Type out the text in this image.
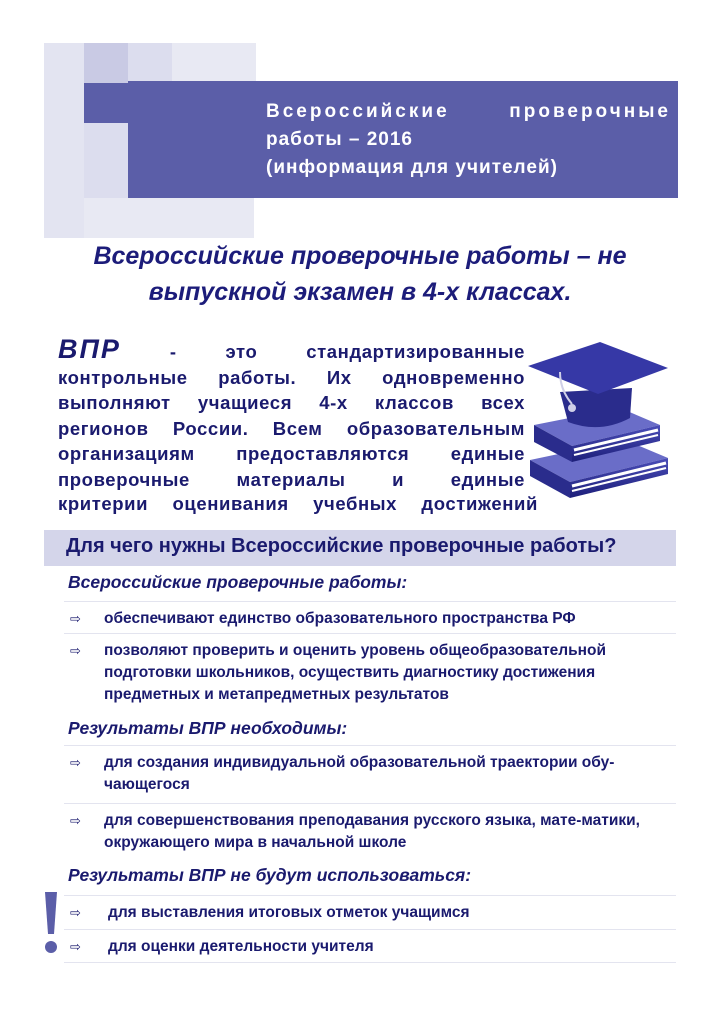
Всероссийские	проверочные
работы – 2016
(информация для учителей)
Всероссийские проверочные работы – не
выпускной экзамен в 4-х классах.
ВПР	- это стандартизированные контрольные работы. Их одновременно выполняют учащиеся 4-х классов всех регионов России. Всем образовательным организациям предоставляются единые проверочные материалы и единые
критерии оценивания учебных достижений
Для чего нужны Всероссийские проверочные работы?
Всероссийские проверочные работы:
⇨ обеспечивают единство образовательного пространства РФ
⇨ позволяют проверить и оценить уровень общеобразовательной подготовки школьников, осуществить диагностику достижения предметных и метапредметных результатов
Результаты ВПР необходимы:
⇨ для создания индивидуальной образовательной траектории обу-чающегося
⇨ для совершенствования преподавания русского языка, мате-матики, окружающего мира в начальной школе
Результаты ВПР не будут использоваться:
⇨ для выставления итоговых отметок учащимся
⇨ для оценки деятельности учителя
